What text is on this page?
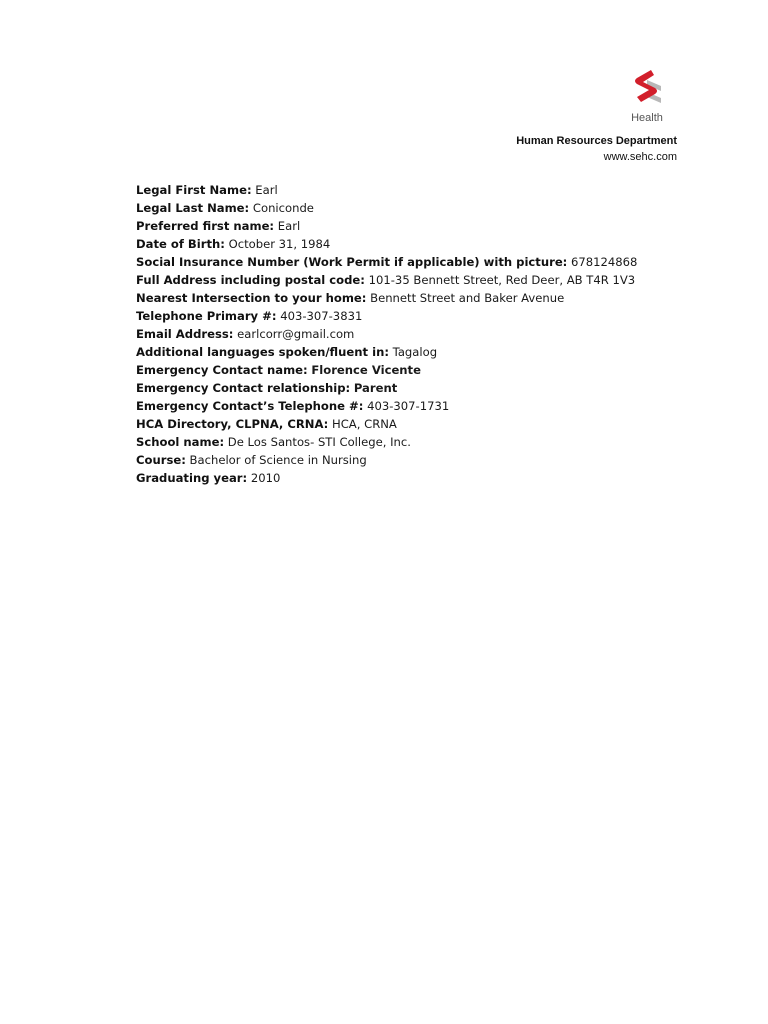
Health
Human Resources Department
www.sehc.com
Legal First Name: Earl
Legal Last Name: Coniconde
Preferred first name: Earl
Date of Birth: October 31, 1984
Social Insurance Number (Work Permit if applicable) with picture: 678124868
Full Address including postal code: 101-35 Bennett Street, Red Deer, AB T4R 1V3
Nearest Intersection to your home: Bennett Street and Baker Avenue
Telephone Primary #: 403-307-3831
Email Address: earlcorr@gmail.com
Additional languages spoken/fluent in: Tagalog
Emergency Contact name: Florence Vicente
Emergency Contact relationship: Parent
Emergency Contact’s Telephone #: 403-307-1731
HCA Directory, CLPNA, CRNA: HCA, CRNA
School name: De Los Santos- STI College, Inc.
Course: Bachelor of Science in Nursing
Graduating year: 2010
